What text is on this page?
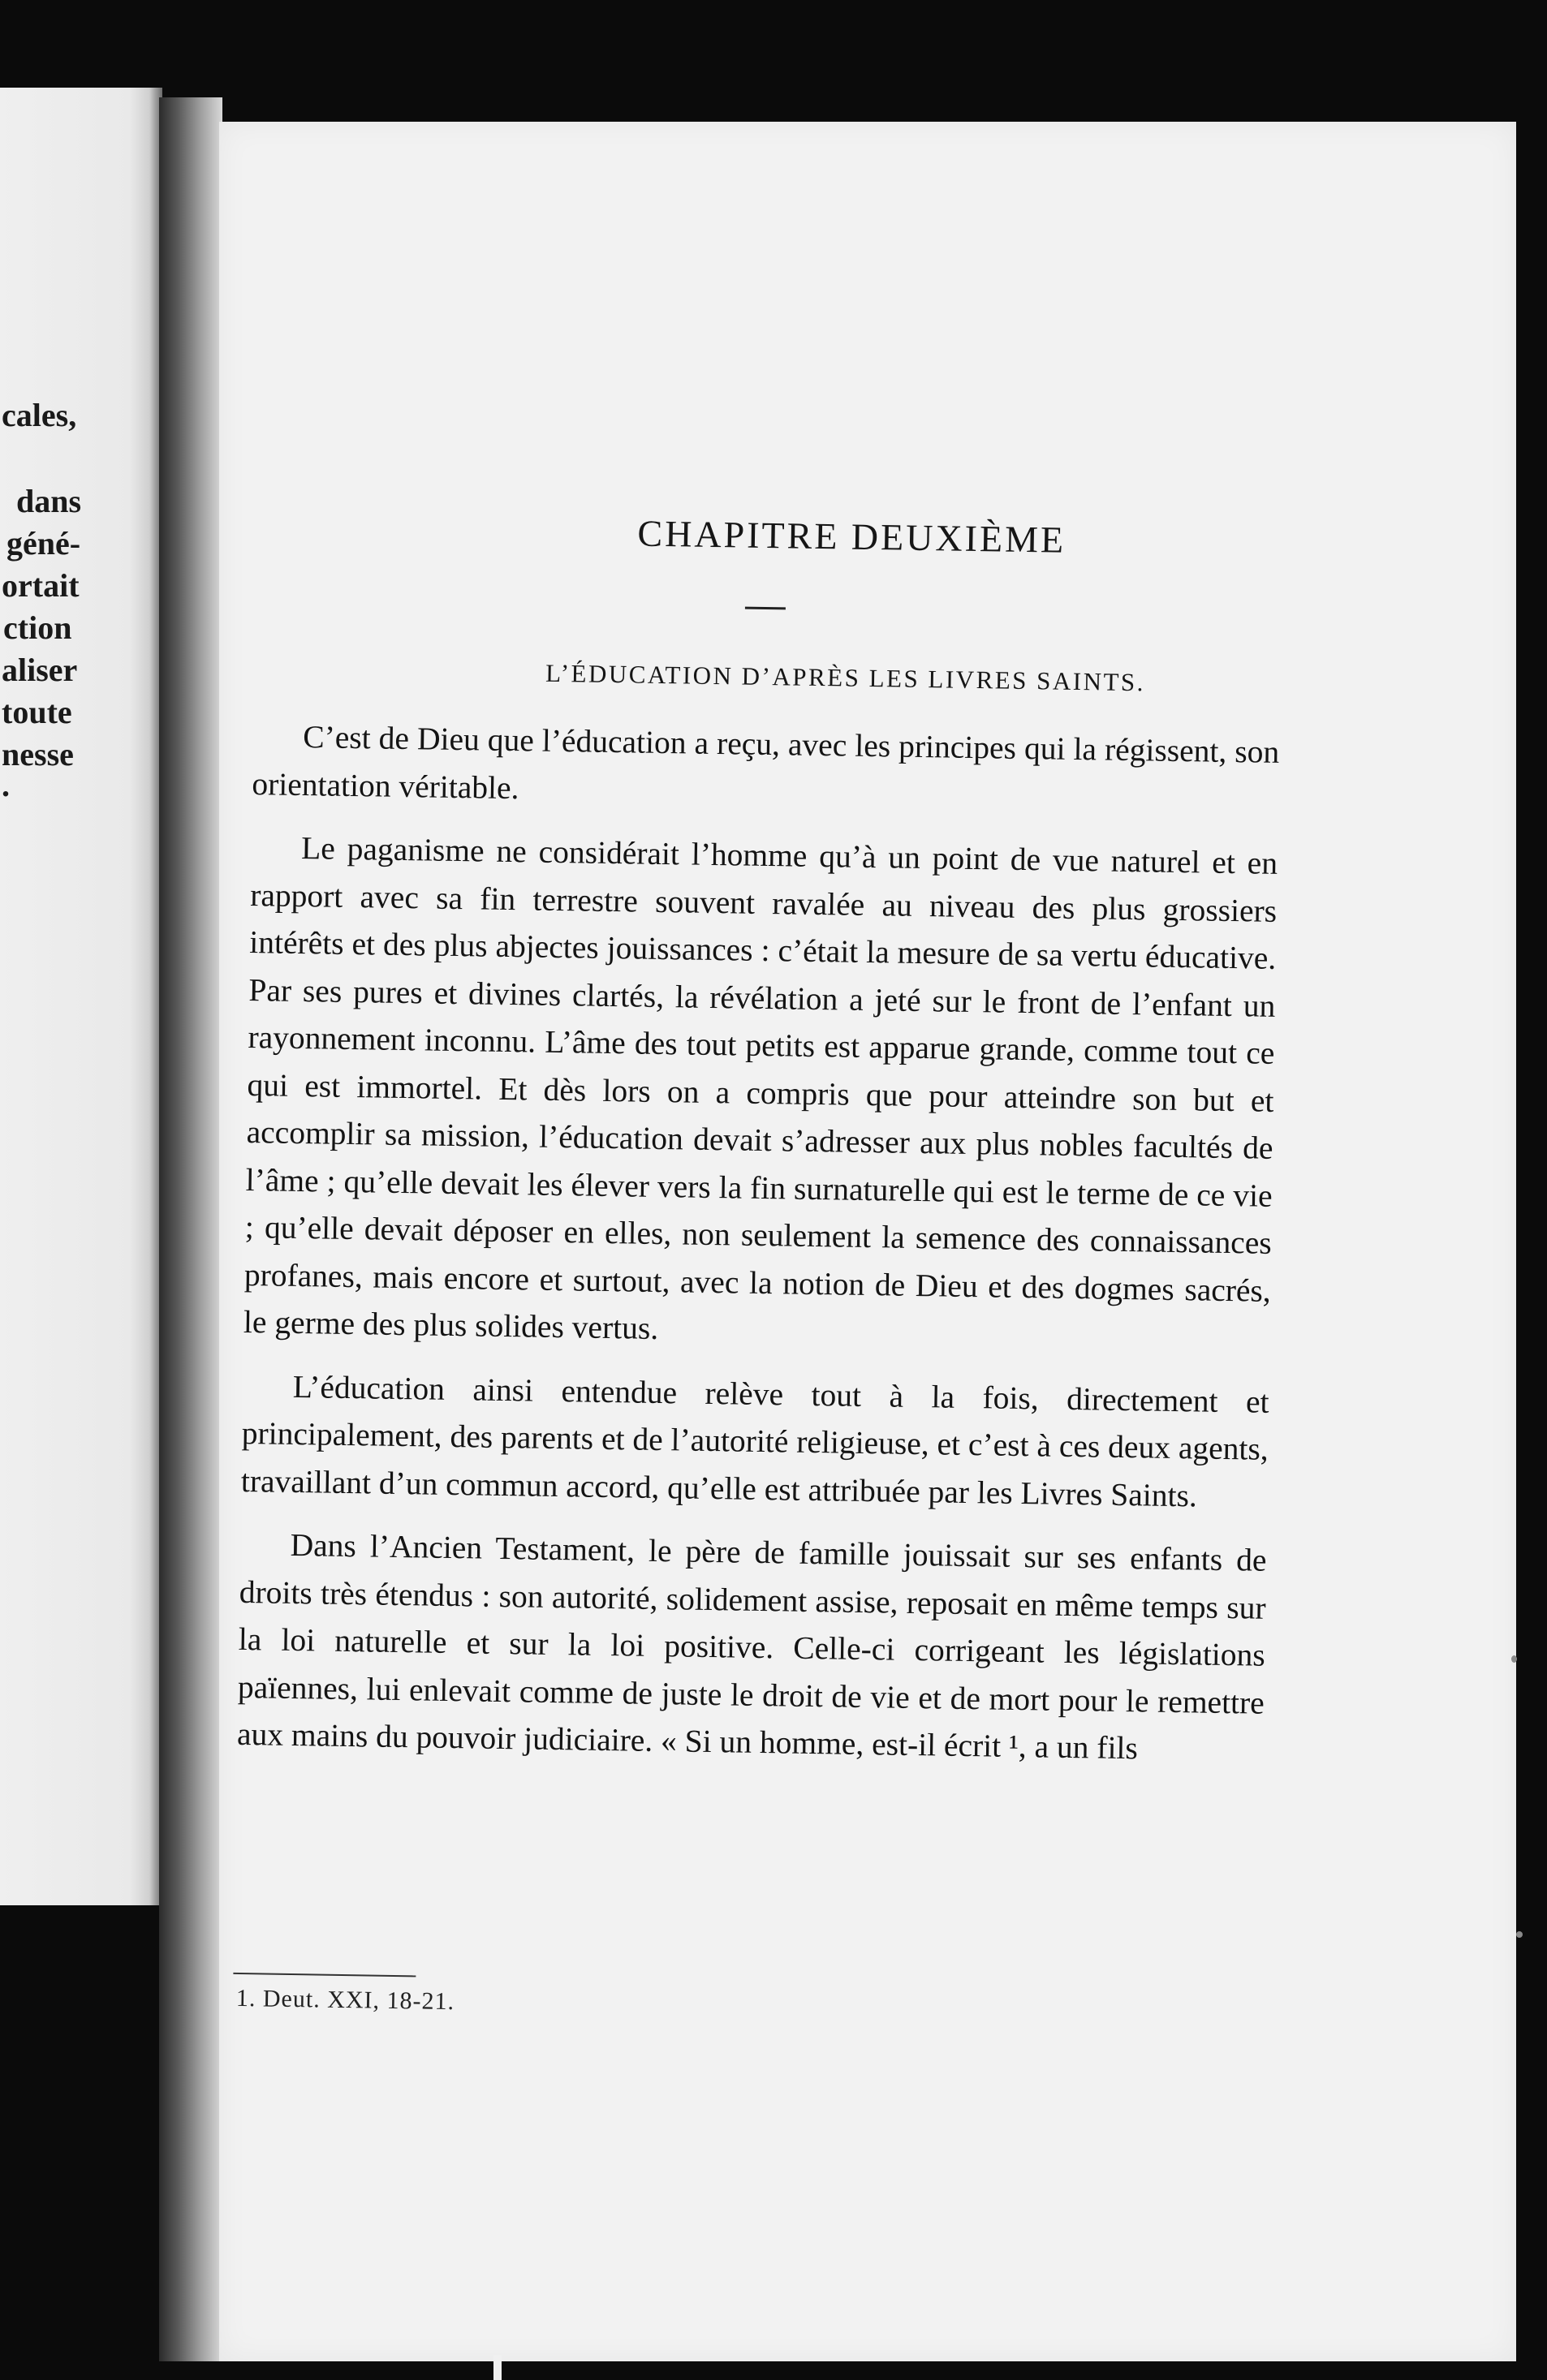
cales,
dans
géné-
ortait
ction
aliser
toute
nesse
.
CHAPITRE DEUXIÈME
L’ÉDUCATION D’APRÈS LES LIVRES SAINTS.

C’est de Dieu que l’éducation a reçu, avec les principes qui la régissent, son orientation véritable.

Le paganisme ne considérait l’homme qu’à un point de vue naturel et en rapport avec sa fin terrestre souvent ravalée au niveau des plus grossiers intérêts et des plus abjectes jouissances : c’était la mesure de sa vertu éducative. Par ses pures et divines clartés, la révélation a jeté sur le front de l’enfant un rayonnement inconnu. L’âme des tout petits est apparue grande, comme tout ce qui est immortel. Et dès lors on a compris que pour atteindre son but et accomplir sa mission, l’éducation devait s’adresser aux plus nobles facultés de l’âme ; qu’elle devait les élever vers la fin surnaturelle qui est le terme de ce vie ; qu’elle devait déposer en elles, non seulement la semence des connaissances profanes, mais encore et surtout, avec la notion de Dieu et des dogmes sacrés, le germe des plus solides vertus.

L’éducation ainsi entendue relève tout à la fois, directement et principalement, des parents et de l’autorité religieuse, et c’est à ces deux agents, travaillant d’un commun accord, qu’elle est attribuée par les Livres Saints.

Dans l’Ancien Testament, le père de famille jouissait sur ses enfants de droits très étendus : son autorité, solidement assise, reposait en même temps sur la loi naturelle et sur la loi positive. Celle-ci corrigeant les législations païennes, lui enlevait comme de juste le droit de vie et de mort pour le remettre aux mains du pouvoir judiciaire. « Si un homme, est-il écrit ¹, a un fils

1. Deut. XXI, 18-21.
